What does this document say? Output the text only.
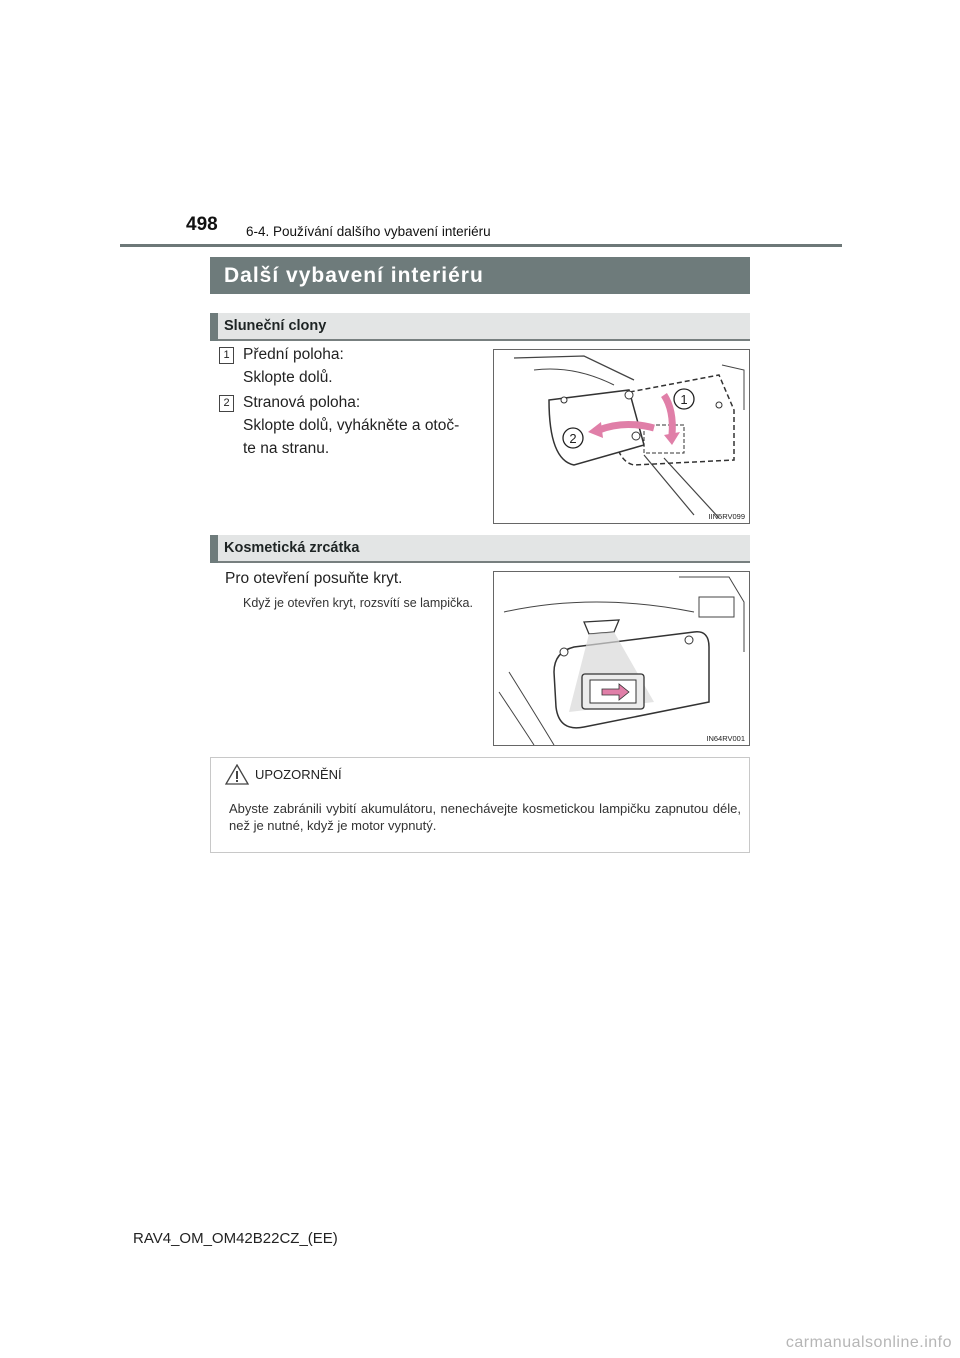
498 6-4. Používání dalšího vybavení interiéru
Další vybavení interiéru
Sluneční clony
1 Přední poloha:
Sklopte dolů.
2 Stranová poloha:
Sklopte dolů, vyhákněte a otoč-
te na stranu.
1
2
IIN5RV099
Kosmetická zrcátka
Pro otevření posuňte kryt.
Když je otevřen kryt, rozsvítí se lampička.
IN64RV001
UPOZORNĚNÍ
Abyste zabránili vybití akumulátoru, nenechávejte kosmetickou lampičku zapnutou déle, než je nutné, když je motor vypnutý.
RAV4_OM_OM42B22CZ_(EE)
carmanualsonline.info
